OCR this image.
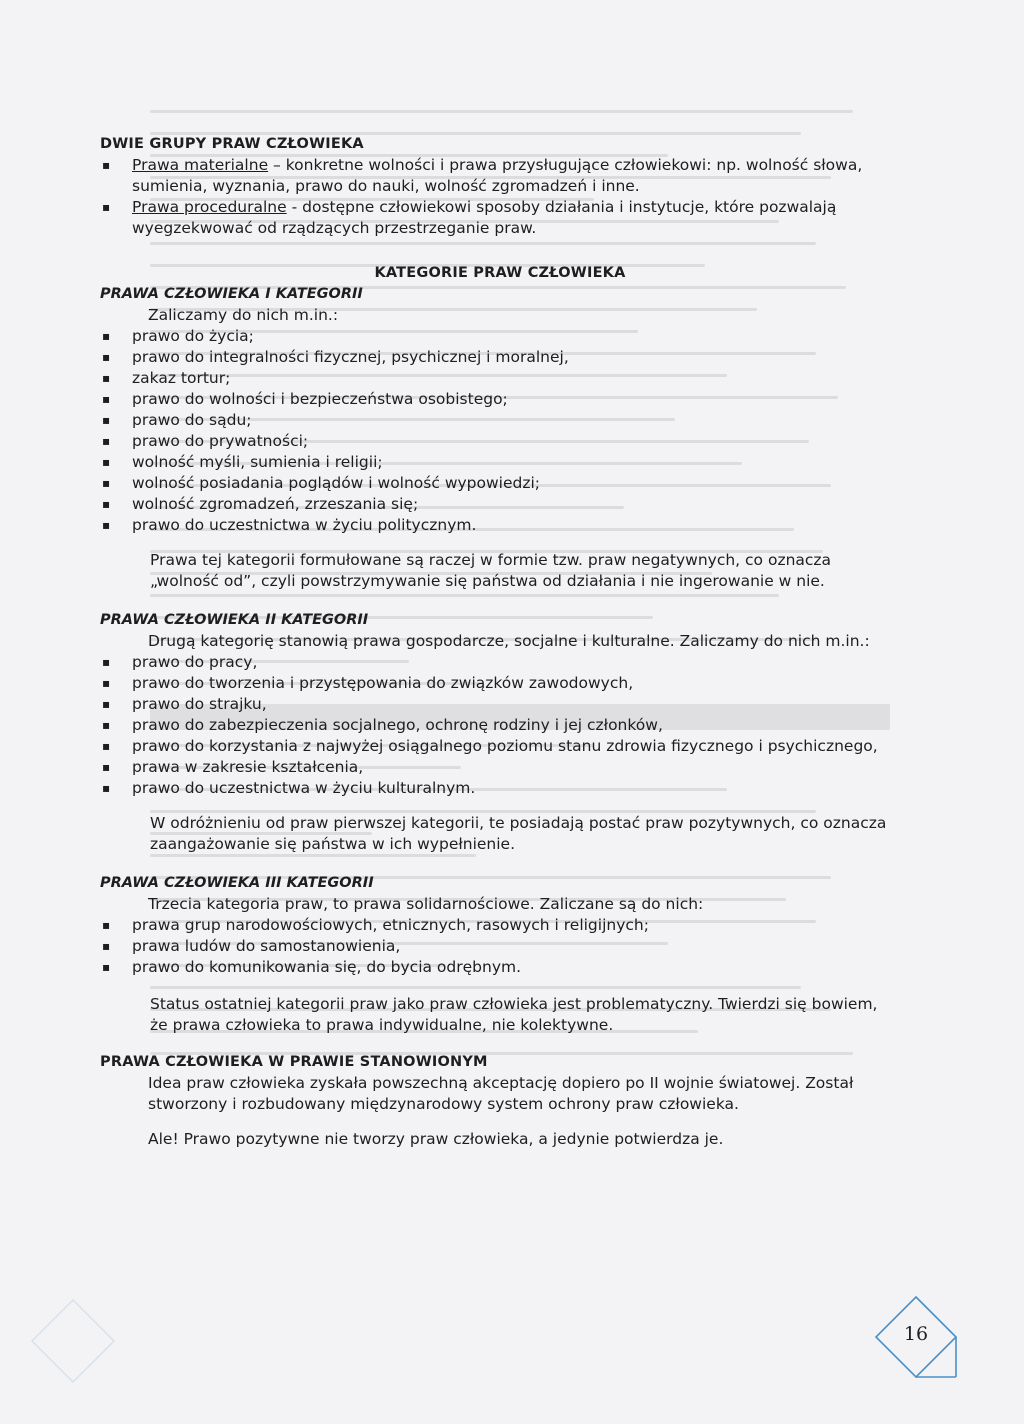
DWIE GRUPY PRAW CZŁOWIEKA

▪ Prawa materialne – konkretne wolności i prawa przysługujące człowiekowi: np. wolność słowa, sumienia, wyznania, prawo do nauki, wolność zgromadzeń i inne.
▪ Prawa proceduralne - dostępne człowiekowi sposoby działania i instytucje, które pozwalają wyegzekwować od rządzących przestrzeganie praw.

KATEGORIE PRAW CZŁOWIEKA

PRAWA CZŁOWIEKA I KATEGORII

Zaliczamy do nich m.in.:
▪ prawo do życia;
▪ prawo do integralności fizycznej, psychicznej i moralnej,
▪ zakaz tortur;
▪ prawo do wolności i bezpieczeństwa osobistego;
▪ prawo do sądu;
▪ prawo do prywatności;
▪ wolność myśli, sumienia i religii;
▪ wolność posiadania poglądów i wolność wypowiedzi;
▪ wolność zgromadzeń, zrzeszania się;
▪ prawo do uczestnictwa w życiu politycznym.

Prawa tej kategorii formułowane są raczej w formie tzw. praw negatywnych, co oznacza „wolność od”, czyli powstrzymywanie się państwa od działania i nie ingerowanie w nie.

PRAWA CZŁOWIEKA II KATEGORII

Drugą kategorię stanowią prawa gospodarcze, socjalne i kulturalne. Zaliczamy do nich m.in.:
▪ prawo do pracy,
▪ prawo do tworzenia i przystępowania do związków zawodowych,
▪ prawo do strajku,
▪ prawo do zabezpieczenia socjalnego, ochronę rodziny i jej członków,
▪ prawo do korzystania z najwyżej osiągalnego poziomu stanu zdrowia fizycznego i psychicznego,
▪ prawa w zakresie kształcenia,
▪ prawo do uczestnictwa w życiu kulturalnym.

W odróżnieniu od praw pierwszej kategorii, te posiadają postać praw pozytywnych, co oznacza zaangażowanie się państwa w ich wypełnienie.

PRAWA CZŁOWIEKA III KATEGORII

Trzecia kategoria praw, to prawa solidarnościowe. Zaliczane są do nich:
▪ prawa grup narodowościowych, etnicznych, rasowych i religijnych;
▪ prawa ludów do samostanowienia,
▪ prawo do komunikowania się, do bycia odrębnym.

Status ostatniej kategorii praw jako praw człowieka jest problematyczny. Twierdzi się bowiem, że prawa człowieka to prawa indywidualne, nie kolektywne.

PRAWA CZŁOWIEKA W PRAWIE STANOWIONYM

Idea praw człowieka zyskała powszechną akceptację dopiero po II wojnie światowej. Został stworzony i rozbudowany międzynarodowy system ochrony praw człowieka.
Ale! Prawo pozytywne nie tworzy praw człowieka, a jedynie potwierdza je.
16
